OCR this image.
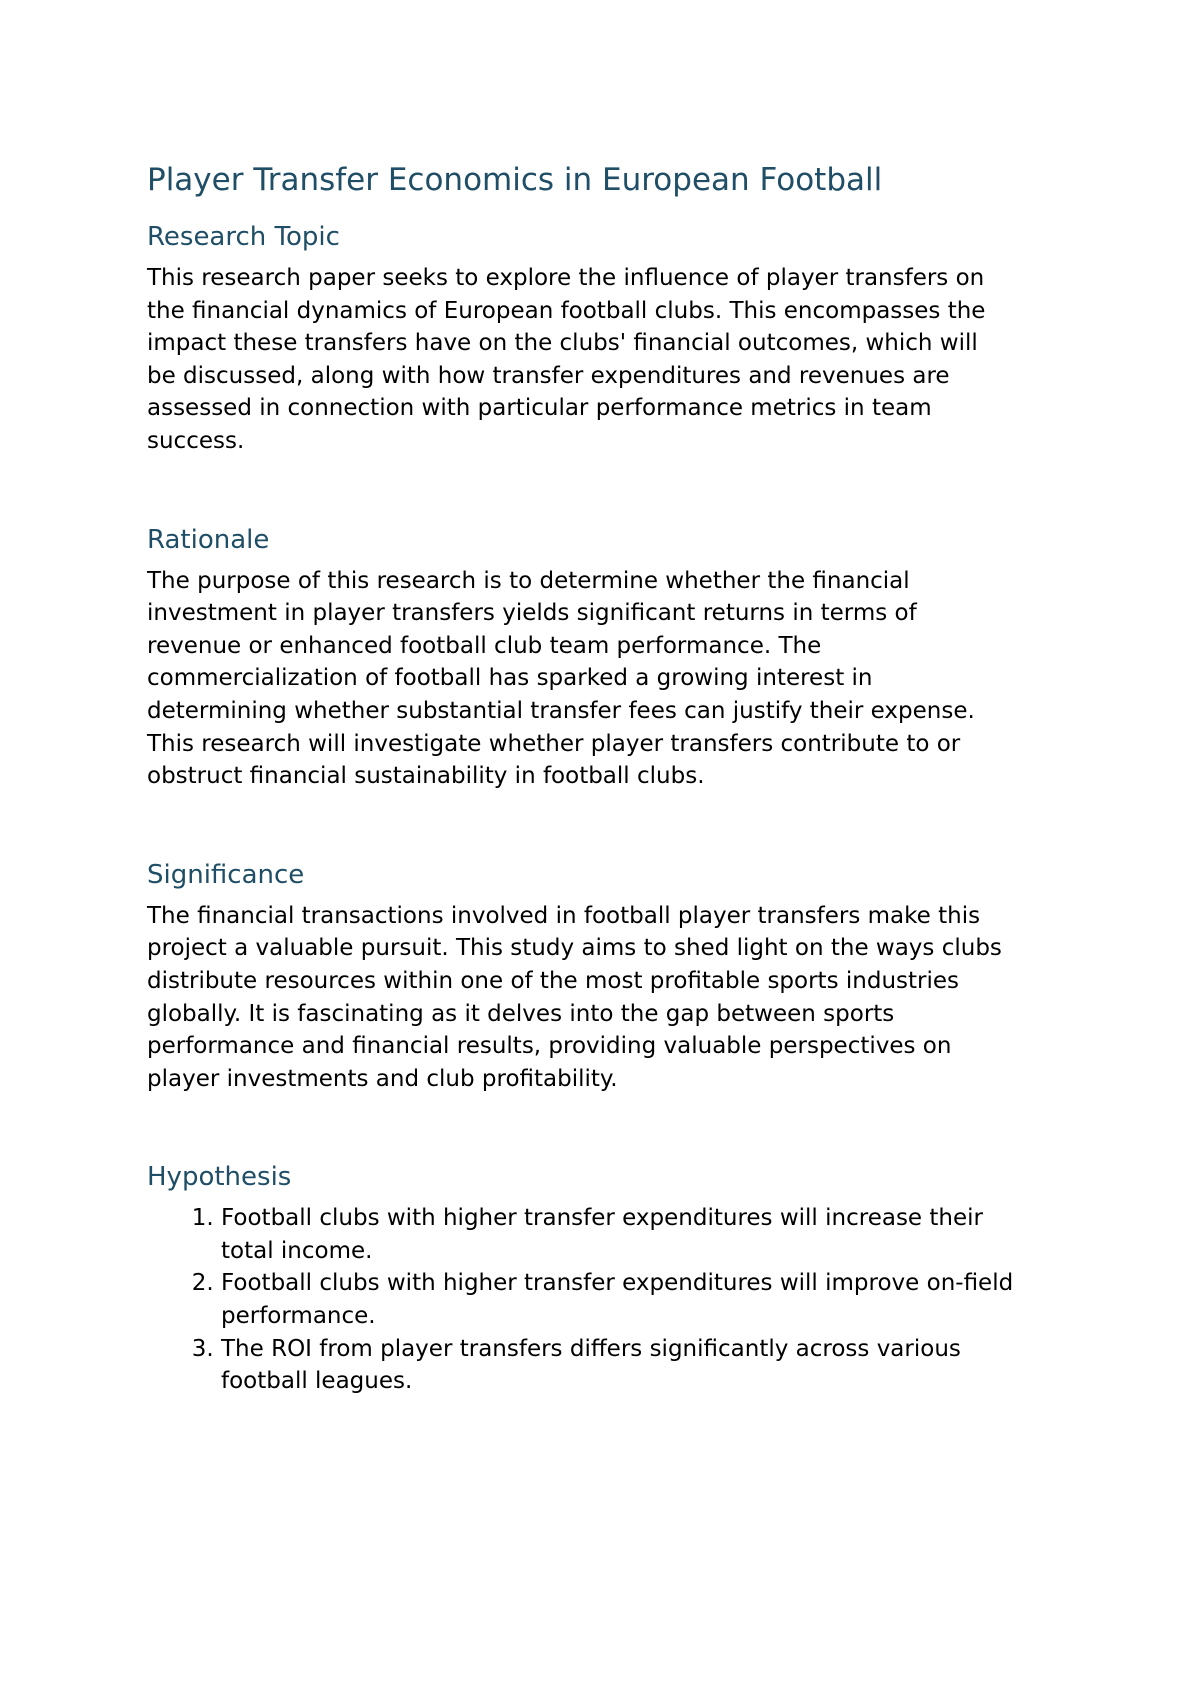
Player Transfer Economics in European Football
Research Topic

This research paper seeks to explore the influence of player transfers on
the financial dynamics of European football clubs. This encompasses the
impact these transfers have on the clubs' financial outcomes, which will
be discussed, along with how transfer expenditures and revenues are
assessed in connection with particular performance metrics in team
success.

Rationale

The purpose of this research is to determine whether the financial
investment in player transfers yields significant returns in terms of
revenue or enhanced football club team performance. The
commercialization of football has sparked a growing interest in
determining whether substantial transfer fees can justify their expense.
This research will investigate whether player transfers contribute to or
obstruct financial sustainability in football clubs.

Significance

The financial transactions involved in football player transfers make this
project a valuable pursuit. This study aims to shed light on the ways clubs
distribute resources within one of the most profitable sports industries
globally. It is fascinating as it delves into the gap between sports
performance and financial results, providing valuable perspectives on
player investments and club profitability.

Hypothesis
1. Football clubs with higher transfer expenditures will increase their
total income.
2. Football clubs with higher transfer expenditures will improve on-field
performance.
3. The ROI from player transfers differs significantly across various
football leagues.
